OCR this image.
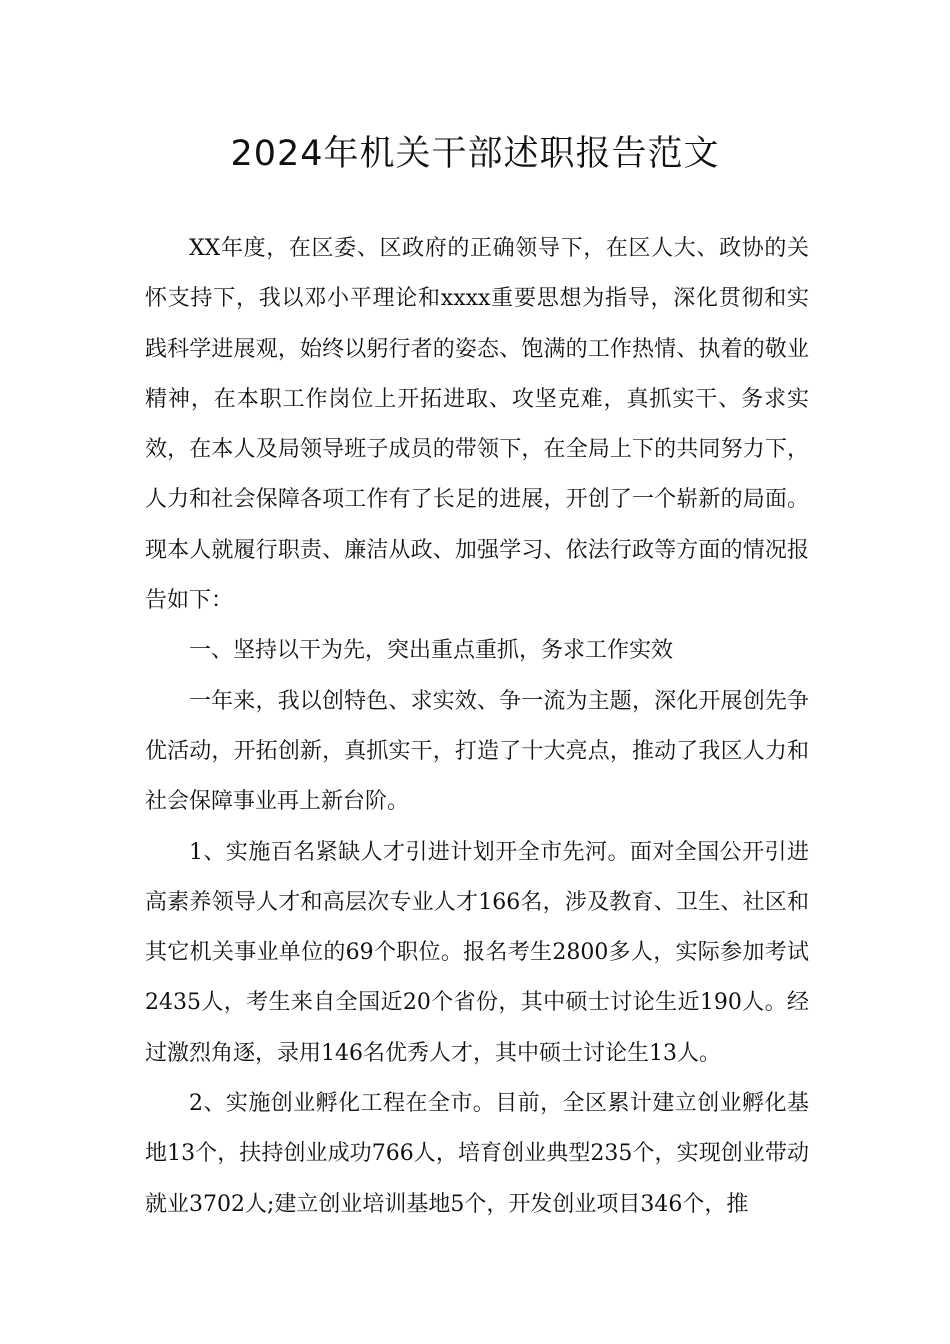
2024年机关干部述职报告范文

XX年度，在区委、区政府的正确领导下，在区人大、政协的关怀支持下，我以邓小平理论和xxxx重要思想为指导，深化贯彻和实践科学进展观，始终以躬行者的姿态、饱满的工作热情、执着的敬业精神，在本职工作岗位上开拓进取、攻坚克难，真抓实干、务求实效，在本人及局领导班子成员的带领下，在全局上下的共同努力下，人力和社会保障各项工作有了长足的进展，开创了一个崭新的局面。现本人就履行职责、廉洁从政、加强学习、依法行政等方面的情况报告如下：

一、坚持以干为先，突出重点重抓，务求工作实效

一年来，我以创特色、求实效、争一流为主题，深化开展创先争优活动，开拓创新，真抓实干，打造了十大亮点，推动了我区人力和社会保障事业再上新台阶。

1、实施百名紧缺人才引进计划开全市先河。面对全国公开引进高素养领导人才和高层次专业人才166名，涉及教育、卫生、社区和其它机关事业单位的69个职位。报名考生2800多人，实际参加考试2435人，考生来自全国近20个省份，其中硕士讨论生近190人。经过激烈角逐，录用146名优秀人才，其中硕士讨论生13人。

2、实施创业孵化工程在全市。目前，全区累计建立创业孵化基地13个，扶持创业成功766人，培育创业典型235个，实现创业带动就业3702人;建立创业培训基地5个，开发创业项目346个，推
